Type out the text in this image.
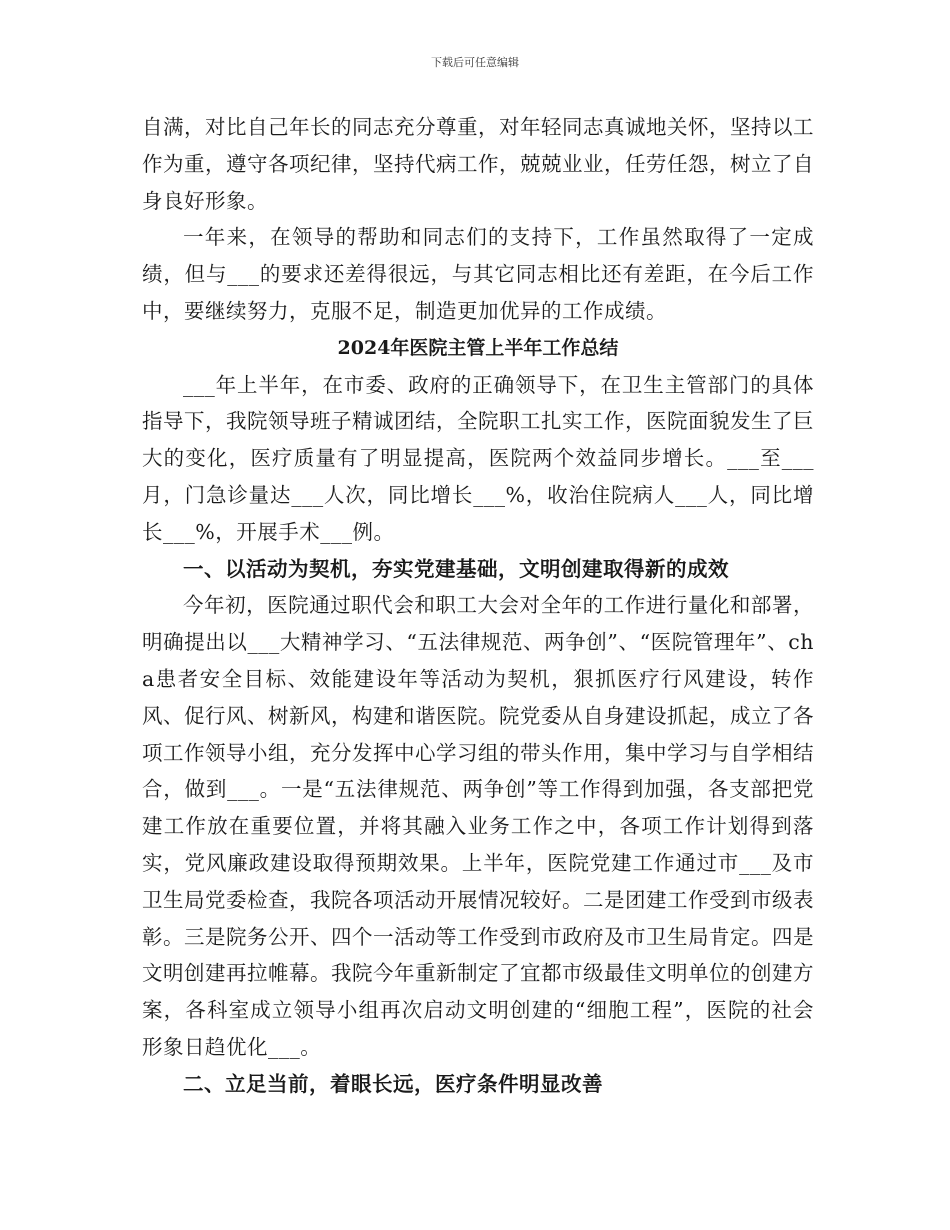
下载后可任意编辑

自满，对比自己年长的同志充分尊重，对年轻同志真诚地关怀，坚持以工作为重，遵守各项纪律，坚持代病工作，兢兢业业，任劳任怨，树立了自身良好形象。

一年来，在领导的帮助和同志们的支持下，工作虽然取得了一定成绩，但与___的要求还差得很远，与其它同志相比还有差距，在今后工作中，要继续努力，克服不足，制造更加优异的工作成绩。

2024年医院主管上半年工作总结

___年上半年，在市委、政府的正确领导下，在卫生主管部门的具体指导下，我院领导班子精诚团结，全院职工扎实工作，医院面貌发生了巨大的变化，医疗质量有了明显提高，医院两个效益同步增长。___至___月，门急诊量达___人次，同比增长___%，收治住院病人___人，同比增长___%，开展手术___例。

一、以活动为契机，夯实党建基础，文明创建取得新的成效

今年初，医院通过职代会和职工大会对全年的工作进行量化和部署，明确提出以___大精神学习、“五法律规范、两争创”、“医院管理年”、cha患者安全目标、效能建设年等活动为契机，狠抓医疗行风建设，转作风、促行风、树新风，构建和谐医院。院党委从自身建设抓起，成立了各项工作领导小组，充分发挥中心学习组的带头作用，集中学习与自学相结合，做到___。一是“五法律规范、两争创”等工作得到加强，各支部把党建工作放在重要位置，并将其融入业务工作之中，各项工作计划得到落实，党风廉政建设取得预期效果。上半年，医院党建工作通过市___及市卫生局党委检查，我院各项活动开展情况较好。二是团建工作受到市级表彰。三是院务公开、四个一活动等工作受到市政府及市卫生局肯定。四是文明创建再拉帷幕。我院今年重新制定了宜都市级最佳文明单位的创建方案，各科室成立领导小组再次启动文明创建的“细胞工程”，医院的社会形象日趋优化___。

二、立足当前，着眼长远，医疗条件明显改善
